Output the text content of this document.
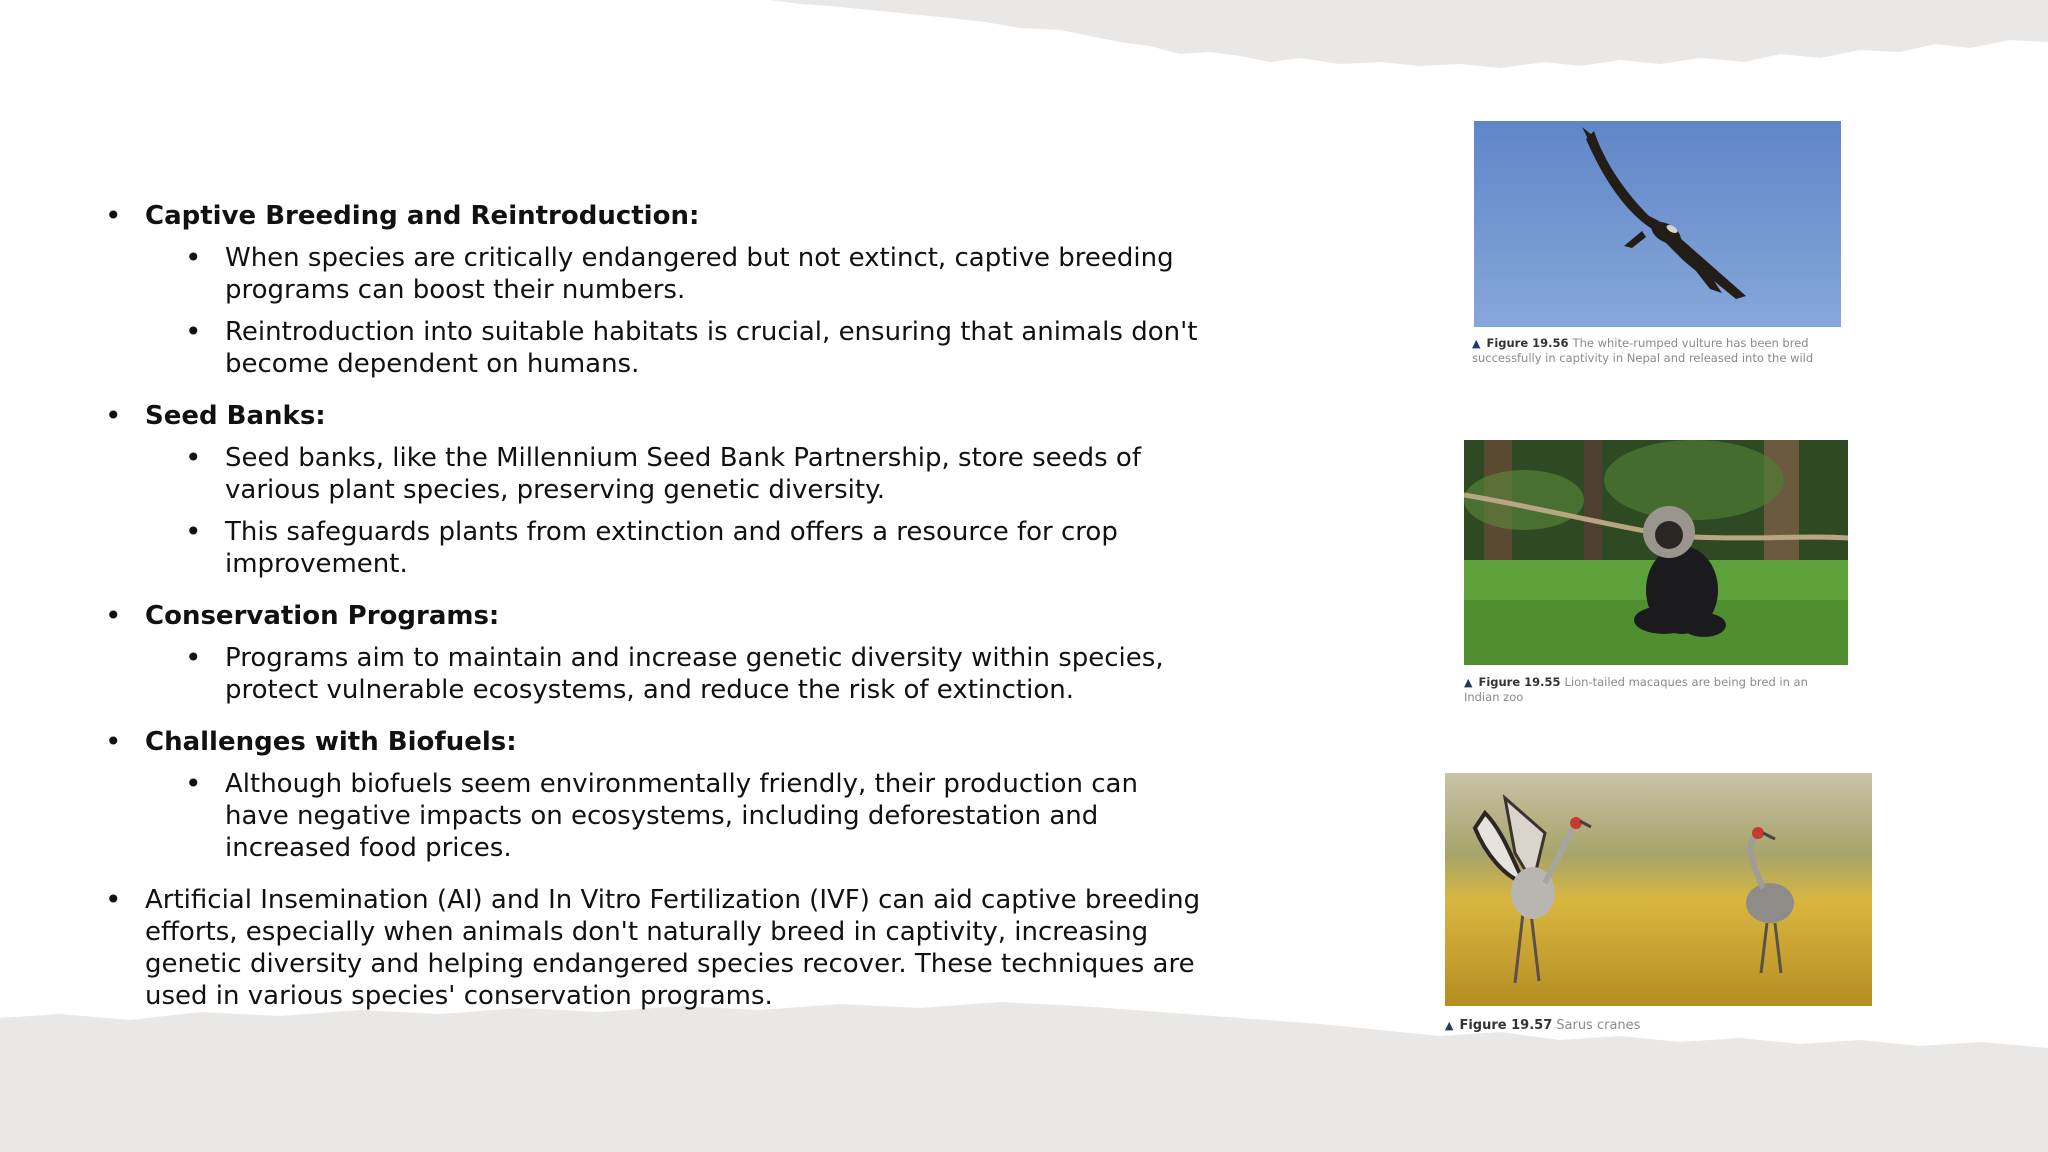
• Captive Breeding and Reintroduction:

• When species are critically endangered but not extinct, captive breeding programs can boost their numbers.
• Reintroduction into suitable habitats is crucial, ensuring that animals don't become dependent on humans.
• Seed Banks:

• Seed banks, like the Millennium Seed Bank Partnership, store seeds of various plant species, preserving genetic diversity.
• This safeguards plants from extinction and offers a resource for crop improvement.
• Conservation Programs:

• Programs aim to maintain and increase genetic diversity within species, protect vulnerable ecosystems, and reduce the risk of extinction.
• Challenges with Biofuels:

• Although biofuels seem environmentally friendly, their production can have negative impacts on ecosystems, including deforestation and increased food prices.
• Artificial Insemination (AI) and In Vitro Fertilization (IVF) can aid captive breeding efforts, especially when animals don't naturally breed in captivity, increasing genetic diversity and helping endangered species recover. These techniques are used in various species' conservation programs.

▲ Figure 19.56 The white-rumped vulture has been bred successfully in captivity in Nepal and released into the wild
▲ Figure 19.55 Lion-tailed macaques are being bred in an Indian zoo
▲ Figure 19.57 Sarus cranes
